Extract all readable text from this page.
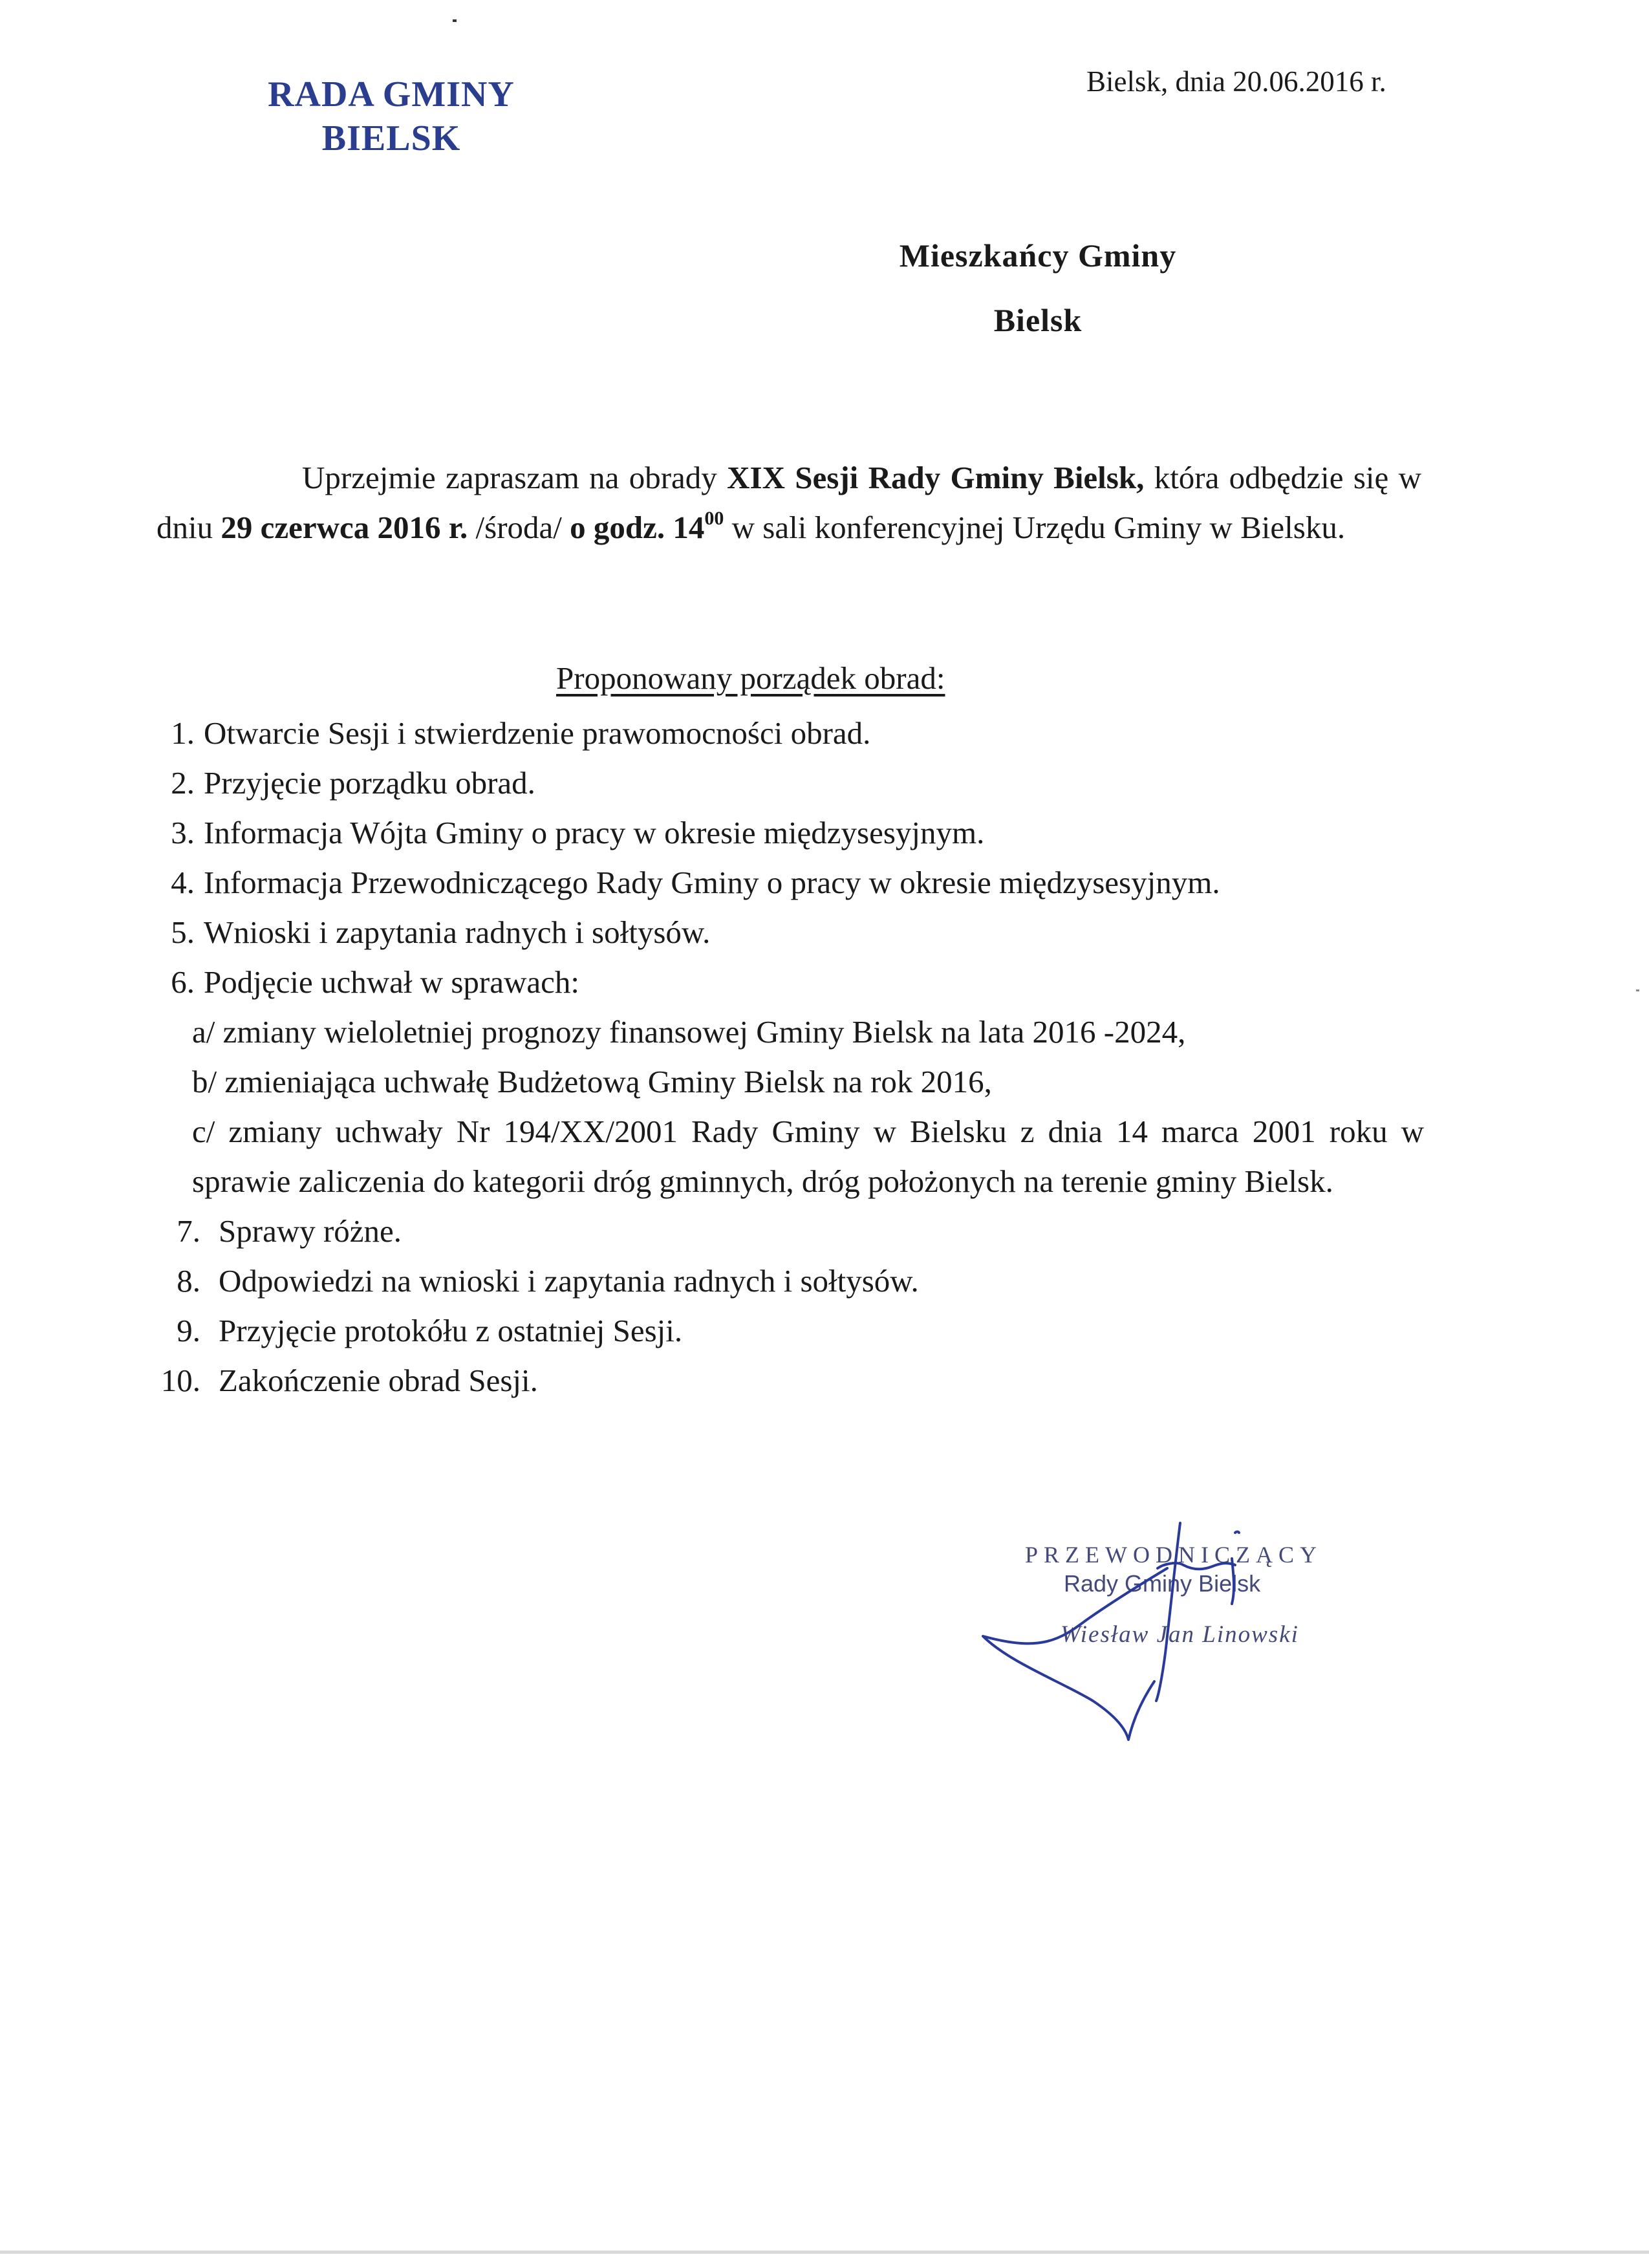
RADA GMINY
BIELSK
Bielsk, dnia 20.06.2016 r.
Mieszkańcy Gminy
Bielsk
Uprzejmie zapraszam na obrady XIX Sesji Rady Gminy Bielsk, która odbędzie się w dniu 29 czerwca 2016 r. /środa/ o godz. $14^{00}$ w sali konferencyjnej Urzędu Gminy w Bielsku.
Proponowany porządek obrad:
1. Otwarcie Sesji i stwierdzenie prawomocności obrad.
2. Przyjęcie porządku obrad.
3. Informacja Wójta Gminy o pracy w okresie międzysesyjnym.
4. Informacja Przewodniczącego Rady Gminy o pracy w okresie międzysesyjnym.
5. Wnioski i zapytania radnych i sołtysów.
6. Podjęcie uchwał w sprawach:
a/ zmiany wieloletniej prognozy finansowej Gminy Bielsk na lata 2016 -2024,
b/ zmieniająca uchwałę Budżetową Gminy Bielsk na rok 2016,
c/ zmiany uchwały Nr 194/XX/2001 Rady Gminy w Bielsku z dnia 14 marca 2001 roku w sprawie zaliczenia do kategorii dróg gminnych, dróg położonych na terenie gminy Bielsk.
7. Sprawy różne.
8. Odpowiedzi na wnioski i zapytania radnych i sołtysów.
9. Przyjęcie protokółu z ostatniej Sesji.
10. Zakończenie obrad Sesji.
PRZEWODNICZĄCY
Rady Gminy Bielsk
Wiesław Jan Linowski
